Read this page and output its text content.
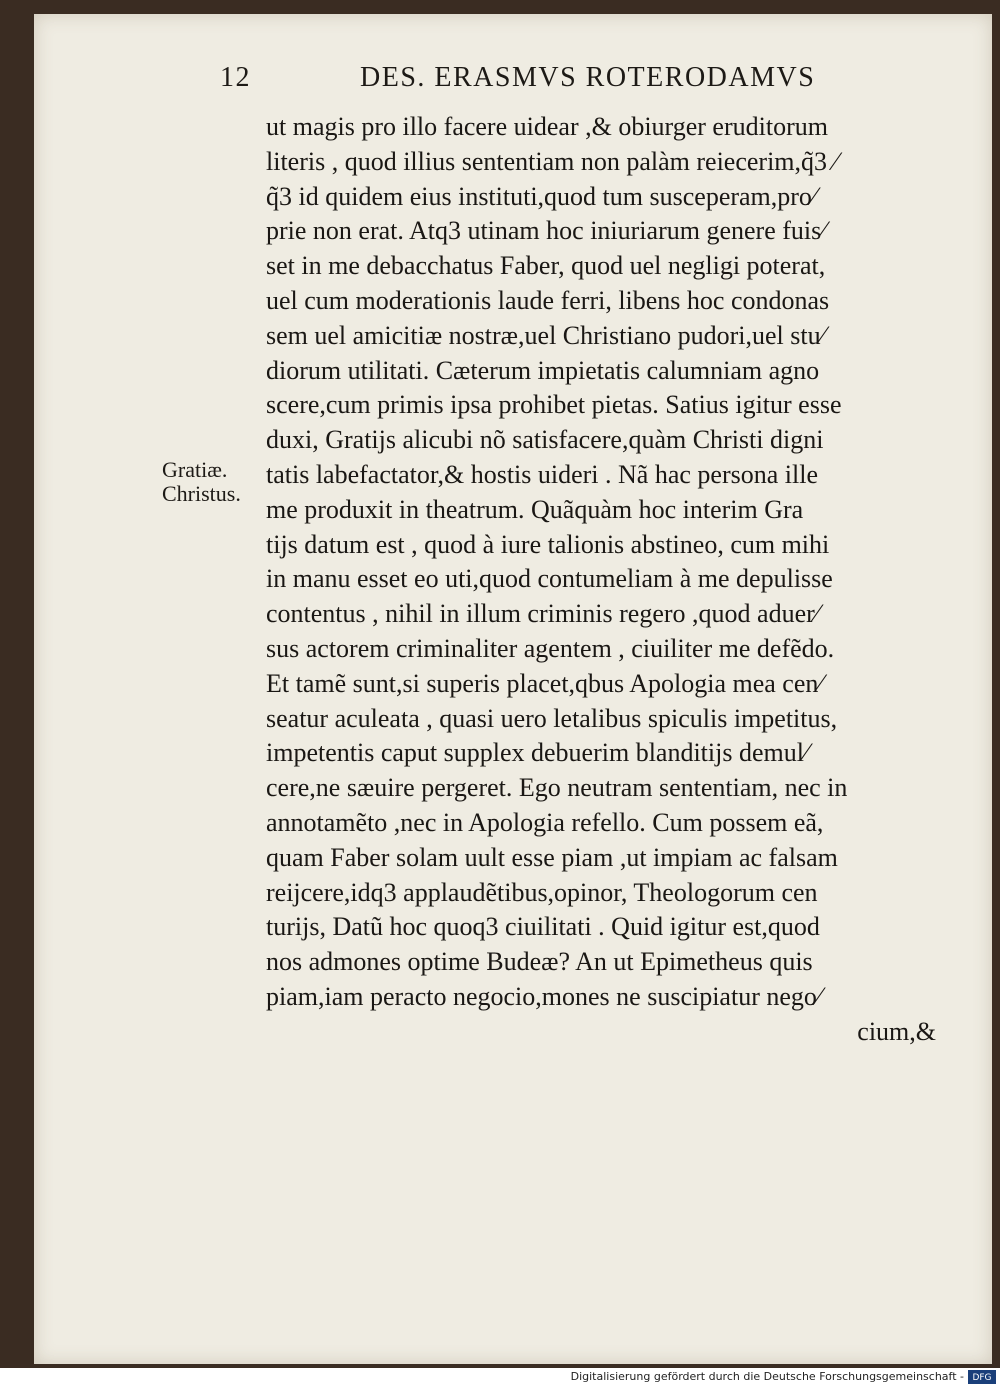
12	DES. ERASMVS ROTERODAMVS
Gratiæ.
Christus.
ut magis pro illo facere uidear ,& obiurger eruditorum
literis , quod illius sententiam non palàm reiecerim,q̃3 ⁄
q̃3 id quidem eius instituti,quod tum susceperam,pro⁄
prie non erat. Atq3 utinam hoc iniuriarum genere fuis⁄
set in me debacchatus Faber, quod uel negligi poterat,
uel cum moderationis laude ferri, libens hoc condonas
sem uel amicitiæ nostræ,uel Christiano pudori,uel stu⁄
diorum utilitati. Cæterum impietatis calumniam agno
scere,cum primis ipsa prohibet pietas. Satius igitur esse
duxi, Gratijs alicubi nõ satisfacere,quàm Christi digni
tatis labefactator,& hostis uideri . Nã hac persona ille
me produxit in theatrum. Quãquàm hoc interim Gra
tijs datum est , quod à iure talionis abstineo, cum mihi
in manu esset eo uti,quod contumeliam à me depulisse
contentus , nihil in illum criminis regero ,quod aduer⁄
sus actorem criminaliter agentem , ciuiliter me defẽdo.
Et tamẽ sunt,si superis placet,qbus Apologia mea cen⁄
seatur aculeata , quasi uero letalibus spiculis impetitus,
impetentis caput supplex debuerim blanditijs demul⁄
cere,ne sæuire pergeret. Ego neutram sententiam, nec in
annotamẽto ,nec in Apologia refello. Cum possem eã,
quam Faber solam uult esse piam ,ut impiam ac falsam
reijcere,idq3 applaudẽtibus,opinor, Theologorum cen
turijs, Datũ hoc quoq3 ciuilitati . Quid igitur est,quod
nos admones optime Budeæ? An ut Epimetheus quis
piam,iam peracto negocio,mones ne suscipiatur nego⁄
cium,&
Digitalisierung gefördert durch die Deutsche Forschungsgemeinschaft - DFG
